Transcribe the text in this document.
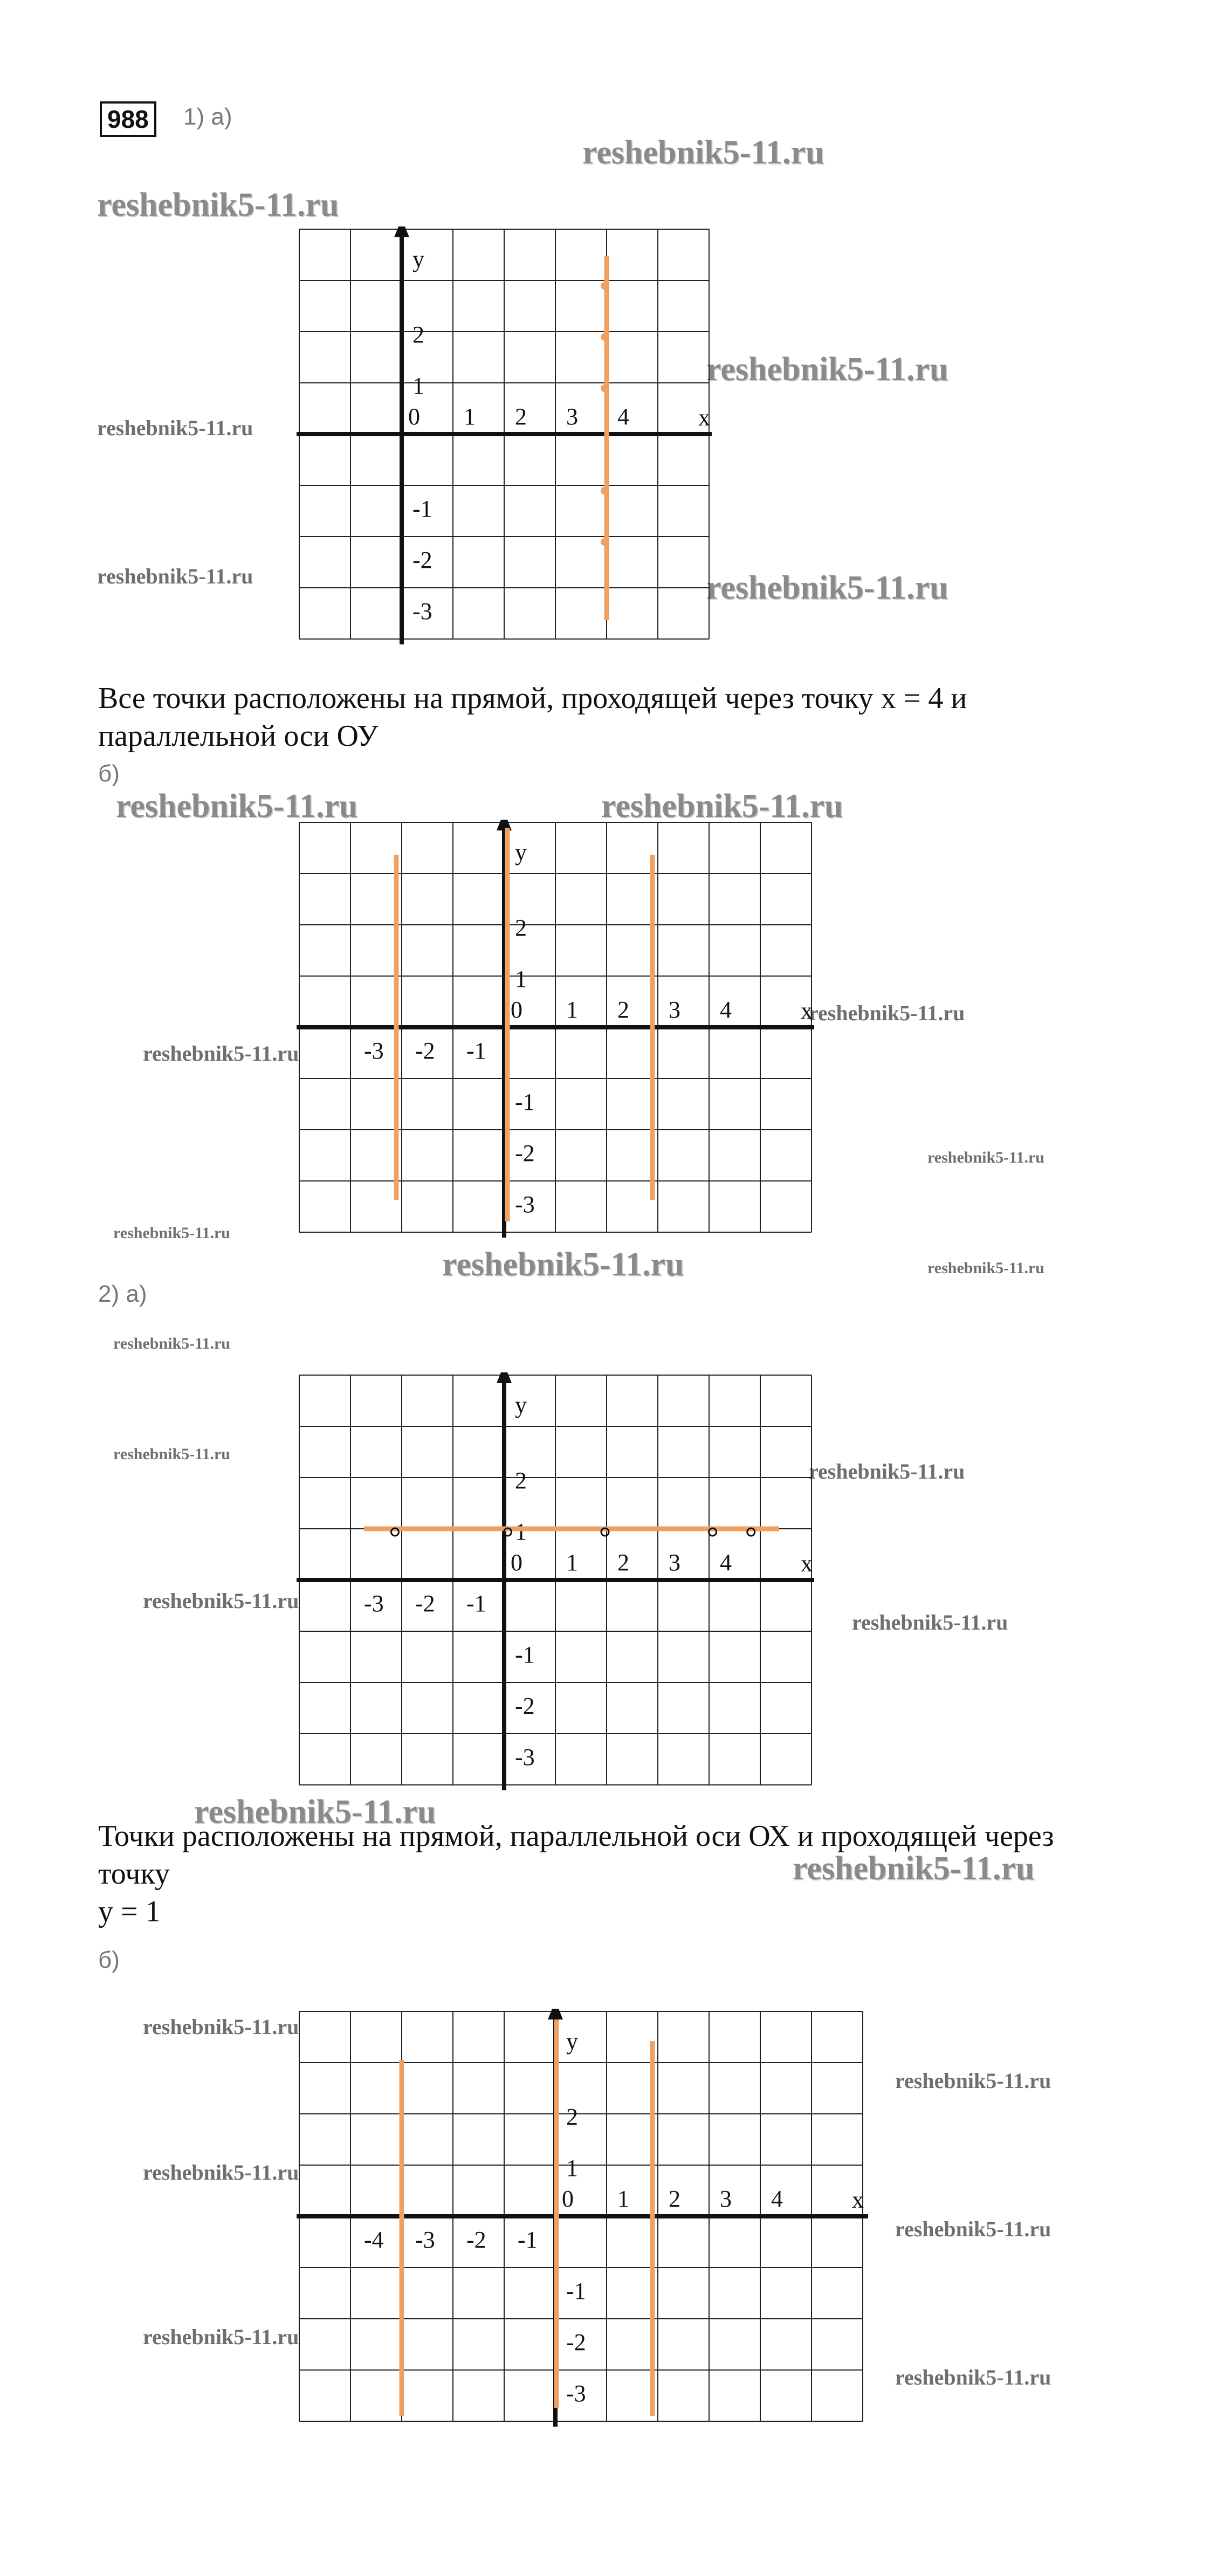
988	1) а)
reshebnik5-11.ru
reshebnik5-11.ru
reshebnik5-11.ru
reshebnik5-11.ru
reshebnik5-11.ru	reshebnik5-11.ru
x
y
0 1 2 3 4
2
1
-1
-2
-3
Все точки расположены на прямой, проходящей через точку х = 4 и
параллельной оси ОУ
б)
reshebnik5-11.ru	reshebnik5-11.ru
reshebnik5-11.ru
reshebnik5-11.ru
reshebnik5-11.ru
reshebnik5-11.ru
reshebnik5-11.ru	reshebnik5-11.ru
x
y
-3 -2 -1
0 1 2 3 4
2
1
-1
-2
-3
2) а)
reshebnik5-11.ru
reshebnik5-11.ru
reshebnik5-11.ru
reshebnik5-11.ru
reshebnik5-11.ru
x
y
-3 -2 -1
0 1 2 3 4
2
1
-1
-2
-3
reshebnik5-11.ru
Точки расположены на прямой, параллельной оси ОХ и проходящей через
точку	reshebnik5-11.ru
у = 1
б)
reshebnik5-11.ru
reshebnik5-11.ru
reshebnik5-11.ru
reshebnik5-11.ru
reshebnik5-11.ru
reshebnik5-11.ru
x
y
-4 -3 -2 -1
0 1 2 3 4
2
1
-1
-2
-3
